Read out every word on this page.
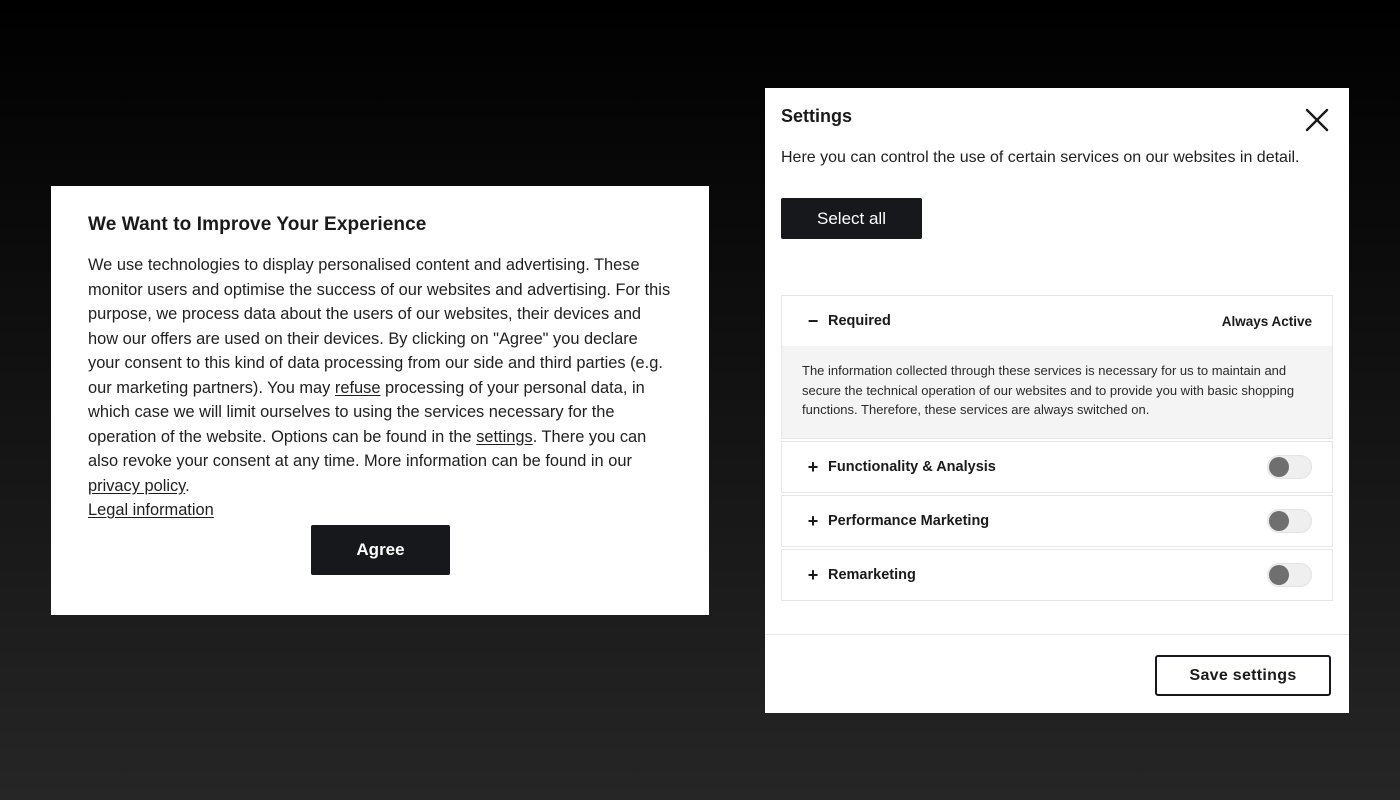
We Want to Improve Your Experience

We use technologies to display personalised content and advertising. These monitor users and optimise the success of our websites and advertising. For this purpose, we process data about the users of our websites, their devices and how our offers are used on their devices. By clicking on "Agree" you declare your consent to this kind of data processing from our side and third parties (e.g. our marketing partners). You may refuse processing of your personal data, in which case we will limit ourselves to using the services necessary for the operation of the website. Options can be found in the settings. There you can also revoke your consent at any time. More information can be found in our privacy policy.
Legal information

Agree
Settings

Here you can control the use of certain services on our websites in detail.

Select all
− Required	Always Active

The information collected through these services is necessary for us to maintain and secure the technical operation of our websites and to provide you with basic shopping functions. Therefore, these services are always switched on.

+ Functionality & Analysis
+ Performance Marketing
+ Remarketing
Save settings
